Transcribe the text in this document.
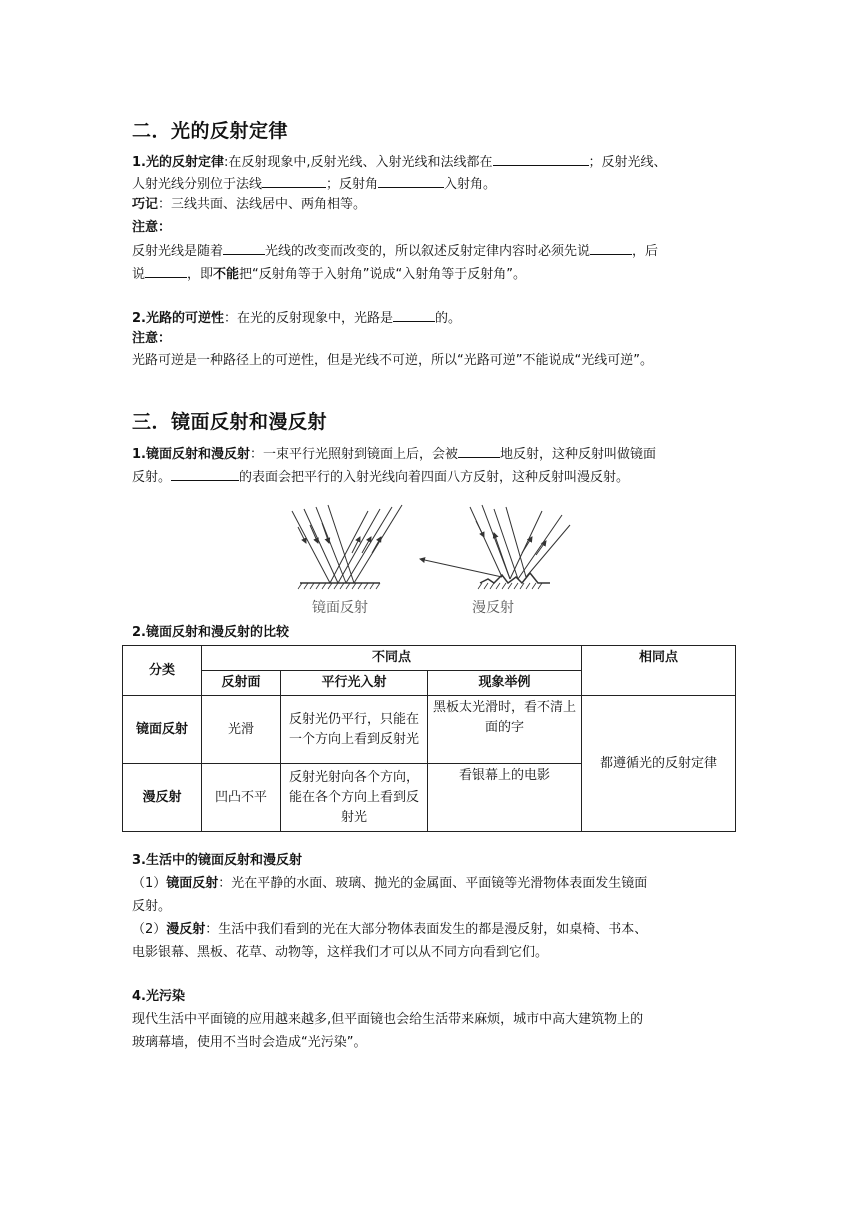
二．光的反射定律
1.光的反射定律:在反射现象中,反射光线、入射光线和法线都在	；反射光线、
人射光线分别位于法线	；反射角	入射角。
巧记：三线共面、法线居中、两角相等。
注意：
反射光线是随着	光线的改变而改变的，所以叙述反射定律内容时必须先说	，后
说	，即不能把“反射角等于入射角”说成“入射角等于反射角”。
2.光路的可逆性：在光的反射现象中，光路是	的。
注意：
光路可逆是一种路径上的可逆性，但是光线不可逆，所以“光路可逆”不能说成“光线可逆”。
三．镜面反射和漫反射
1.镜面反射和漫反射：一束平行光照射到镜面上后，会被	地反射，这种反射叫做镜面
反射。	的表面会把平行的入射光线向着四面八方反射，这种反射叫漫反射。
镜面反射	漫反射
2.镜面反射和漫反射的比较
分类	不同点			相同点
	反射面	平行光入射	现象举例	
镜面反射	光滑	反射光仍平行，只能在一个方向上看到反射光	黑板太光滑时，看不清上面的字	都遵循光的反射定律
漫反射	凹凸不平	反射光射向各个方向，能在各个方向上看到反射光	看银幕上的电影	
3.生活中的镜面反射和漫反射
（1）镜面反射：光在平静的水面、玻璃、抛光的金属面、平面镜等光滑物体表面发生镜面
反射。
（2）漫反射：生活中我们看到的光在大部分物体表面发生的都是漫反射，如桌椅、书本、
电影银幕、黑板、花草、动物等，这样我们才可以从不同方向看到它们。
4.光污染
现代生活中平面镜的应用越来越多,但平面镜也会给生活带来麻烦，城市中高大建筑物上的
玻璃幕墙，使用不当时会造成“光污染”。
